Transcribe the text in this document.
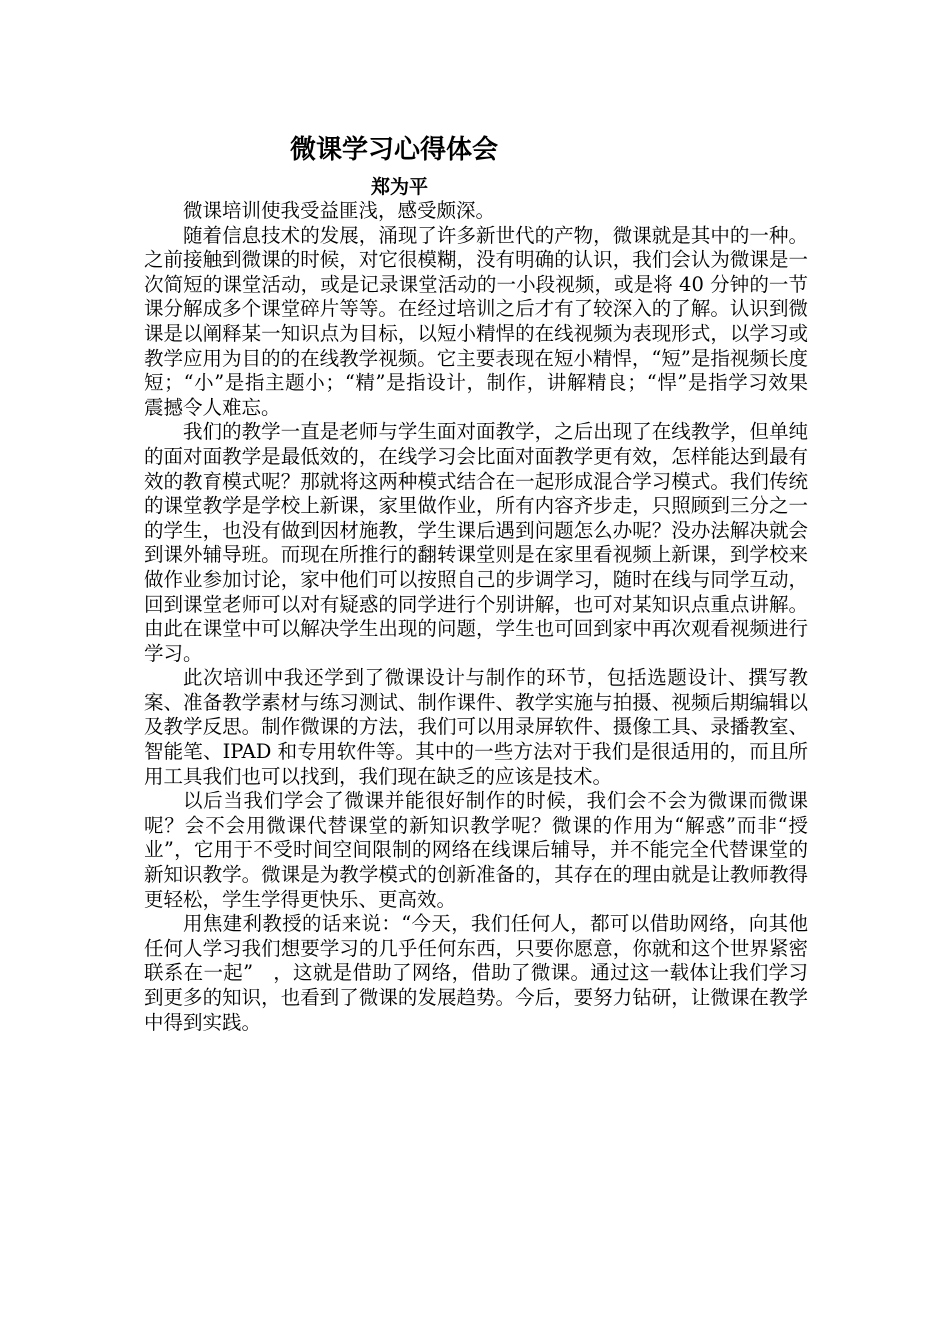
微课学习心得体会
郑为平

微课培训使我受益匪浅，感受颇深。

随着信息技术的发展，涌现了许多新世代的产物，微课就是其中的一种。之前接触到微课的时候，对它很模糊，没有明确的认识，我们会认为微课是一次简短的课堂活动，或是记录课堂活动的一小段视频，或是将 40 分钟的一节课分解成多个课堂碎片等等。在经过培训之后才有了较深入的了解。认识到微课是以阐释某一知识点为目标，以短小精悍的在线视频为表现形式，以学习或教学应用为目的的在线教学视频。它主要表现在短小精悍，“短”是指视频长度短；“小”是指主题小；“精”是指设计，制作，讲解精良；“悍”是指学习效果震撼令人难忘。

我们的教学一直是老师与学生面对面教学，之后出现了在线教学，但单纯的面对面教学是最低效的，在线学习会比面对面教学更有效，怎样能达到最有效的教育模式呢？那就将这两种模式结合在一起形成混合学习模式。我们传统的课堂教学是学校上新课，家里做作业，所有内容齐步走，只照顾到三分之一的学生，也没有做到因材施教，学生课后遇到问题怎么办呢？没办法解决就会到课外辅导班。而现在所推行的翻转课堂则是在家里看视频上新课，到学校来做作业参加讨论，家中他们可以按照自己的步调学习，随时在线与同学互动，回到课堂老师可以对有疑惑的同学进行个别讲解，也可对某知识点重点讲解。由此在课堂中可以解决学生出现的问题，学生也可回到家中再次观看视频进行学习。

此次培训中我还学到了微课设计与制作的环节，包括选题设计、撰写教案、准备教学素材与练习测试、制作课件、教学实施与拍摄、视频后期编辑以及教学反思。制作微课的方法，我们可以用录屏软件、摄像工具、录播教室、智能笔、IPAD 和专用软件等。其中的一些方法对于我们是很适用的，而且所用工具我们也可以找到，我们现在缺乏的应该是技术。

以后当我们学会了微课并能很好制作的时候，我们会不会为微课而微课呢？会不会用微课代替课堂的新知识教学呢？微课的作用为“解惑”而非“授业”，它用于不受时间空间限制的网络在线课后辅导，并不能完全代替课堂的新知识教学。微课是为教学模式的创新准备的，其存在的理由就是让教师教得更轻松，学生学得更快乐、更高效。

用焦建利教授的话来说：“今天，我们任何人，都可以借助网络，向其他任何人学习我们想要学习的几乎任何东西，只要你愿意，你就和这个世界紧密联系在一起”　，这就是借助了网络，借助了微课。通过这一载体让我们学习到更多的知识，也看到了微课的发展趋势。今后，要努力钻研，让微课在教学中得到实践。
